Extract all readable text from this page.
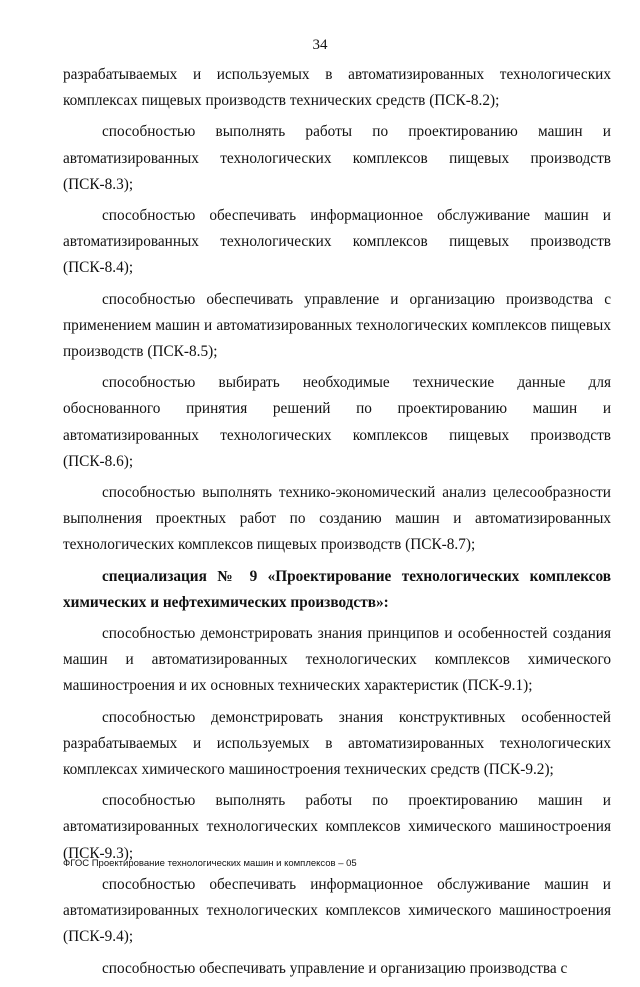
34

разрабатываемых и используемых в автоматизированных технологических комплексах пищевых производств технических средств (ПСК-8.2);

способностью выполнять работы по проектированию машин и автоматизированных технологических комплексов пищевых производств (ПСК-8.3);

способностью обеспечивать информационное обслуживание машин и автоматизированных технологических комплексов пищевых производств (ПСК-8.4);

способностью обеспечивать управление и организацию производства с применением машин и автоматизированных технологических комплексов пищевых производств (ПСК-8.5);

способностью выбирать необходимые технические данные для обоснованного принятия решений по проектированию машин и автоматизированных технологических комплексов пищевых производств (ПСК-8.6);

способностью выполнять технико-экономический анализ целесообразности выполнения проектных работ по созданию машин и автоматизированных технологических комплексов пищевых производств (ПСК-8.7);

специализация № 9 «Проектирование технологических комплексов химических и нефтехимических производств»:

способностью демонстрировать знания принципов и особенностей создания машин и автоматизированных технологических комплексов химического машиностроения и их основных технических характеристик (ПСК-9.1);

способностью демонстрировать знания конструктивных особенностей разрабатываемых и используемых в автоматизированных технологических комплексах химического машиностроения технических средств (ПСК-9.2);

способностью выполнять работы по проектированию машин и автоматизированных технологических комплексов химического машиностроения (ПСК-9.3);

способностью обеспечивать информационное обслуживание машин и автоматизированных технологических комплексов химического машиностроения (ПСК-9.4);

способностью обеспечивать управление и организацию производства с

ФГОС Проектирование технологических машин и комплексов – 05
